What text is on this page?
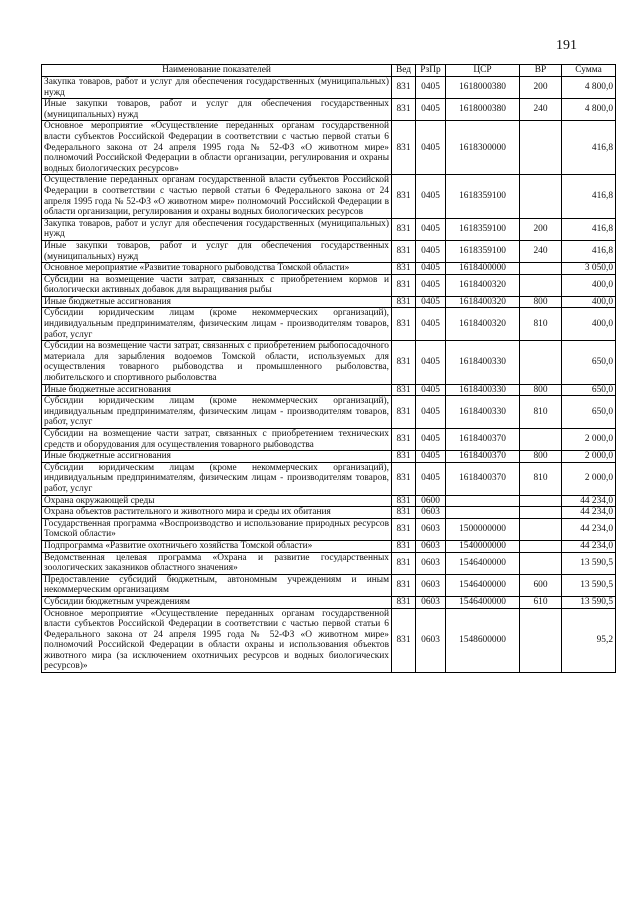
191
Наименование показателей	Вед	РзПр	ЦСР	ВР	Сумма
Закупка товаров, работ и услуг для обеспечения государственных (муниципальных) нужд	831	0405	1618000380	200	4 800,0
Иные закупки товаров, работ и услуг для обеспечения государственных (муниципальных) нужд	831	0405	1618000380	240	4 800,0
Основное мероприятие «Осуществление переданных органам государственной власти субъектов Российской Федерации в соответствии с частью первой статьи 6 Федерального закона от 24 апреля 1995 года № 52-ФЗ «О животном мире» полномочий Российской Федерации в области организации, регулирования и охраны водных биологических ресурсов»	831	0405	1618300000		416,8
Осуществление переданных органам государственной власти субъектов Российской Федерации в соответствии с частью первой статьи 6 Федерального закона от 24 апреля 1995 года № 52-ФЗ «О животном мире» полномочий Российской Федерации в области организации, регулирования и охраны водных биологических ресурсов	831	0405	1618359100		416,8
Закупка товаров, работ и услуг для обеспечения государственных (муниципальных) нужд	831	0405	1618359100	200	416,8
Иные закупки товаров, работ и услуг для обеспечения государственных (муниципальных) нужд	831	0405	1618359100	240	416,8
Основное мероприятие «Развитие товарного рыбоводства Томской области»	831	0405	1618400000		3 050,0
Субсидии на возмещение части затрат, связанных с приобретением кормов и биологически активных добавок для выращивания рыбы	831	0405	1618400320		400,0
Иные бюджетные ассигнования	831	0405	1618400320	800	400,0
Субсидии юридическим лицам (кроме некоммерческих организаций), индивидуальным предпринимателям, физическим лицам - производителям товаров, работ, услуг	831	0405	1618400320	810	400,0
Субсидии на возмещение части затрат, связанных с приобретением рыбопосадочного материала для зарыбления водоемов Томской области, используемых для осуществления товарного рыбоводства и промышленного рыболовства, любительского и спортивного рыболовства	831	0405	1618400330		650,0
Иные бюджетные ассигнования	831	0405	1618400330	800	650,0
Субсидии юридическим лицам (кроме некоммерческих организаций), индивидуальным предпринимателям, физическим лицам - производителям товаров, работ, услуг	831	0405	1618400330	810	650,0
Субсидии на возмещение части затрат, связанных с приобретением технических средств и оборудования для осуществления товарного рыбоводства	831	0405	1618400370		2 000,0
Иные бюджетные ассигнования	831	0405	1618400370	800	2 000,0
Субсидии юридическим лицам (кроме некоммерческих организаций), индивидуальным предпринимателям, физическим лицам - производителям товаров, работ, услуг	831	0405	1618400370	810	2 000,0
Охрана окружающей среды	831	0600			44 234,0
Охрана объектов растительного и животного мира и среды их обитания	831	0603			44 234,0
Государственная программа «Воспроизводство и использование природных ресурсов Томской области»	831	0603	1500000000		44 234,0
Подпрограмма «Развитие охотничьего хозяйства Томской области»	831	0603	1540000000		44 234,0
Ведомственная целевая программа «Охрана и развитие государственных зоологических заказников областного значения»	831	0603	1546400000		13 590,5
Предоставление субсидий бюджетным, автономным учреждениям и иным некоммерческим организациям	831	0603	1546400000	600	13 590,5
Субсидии бюджетным учреждениям	831	0603	1546400000	610	13 590,5
Основное мероприятие «Осуществление переданных органам государственной власти субъектов Российской Федерации в соответствии с частью первой статьи 6 Федерального закона от 24 апреля 1995 года № 52-ФЗ «О животном мире» полномочий Российской Федерации в области охраны и использования объектов животного мира (за исключением охотничьих ресурсов и водных биологических ресурсов)»	831	0603	1548600000		95,2
